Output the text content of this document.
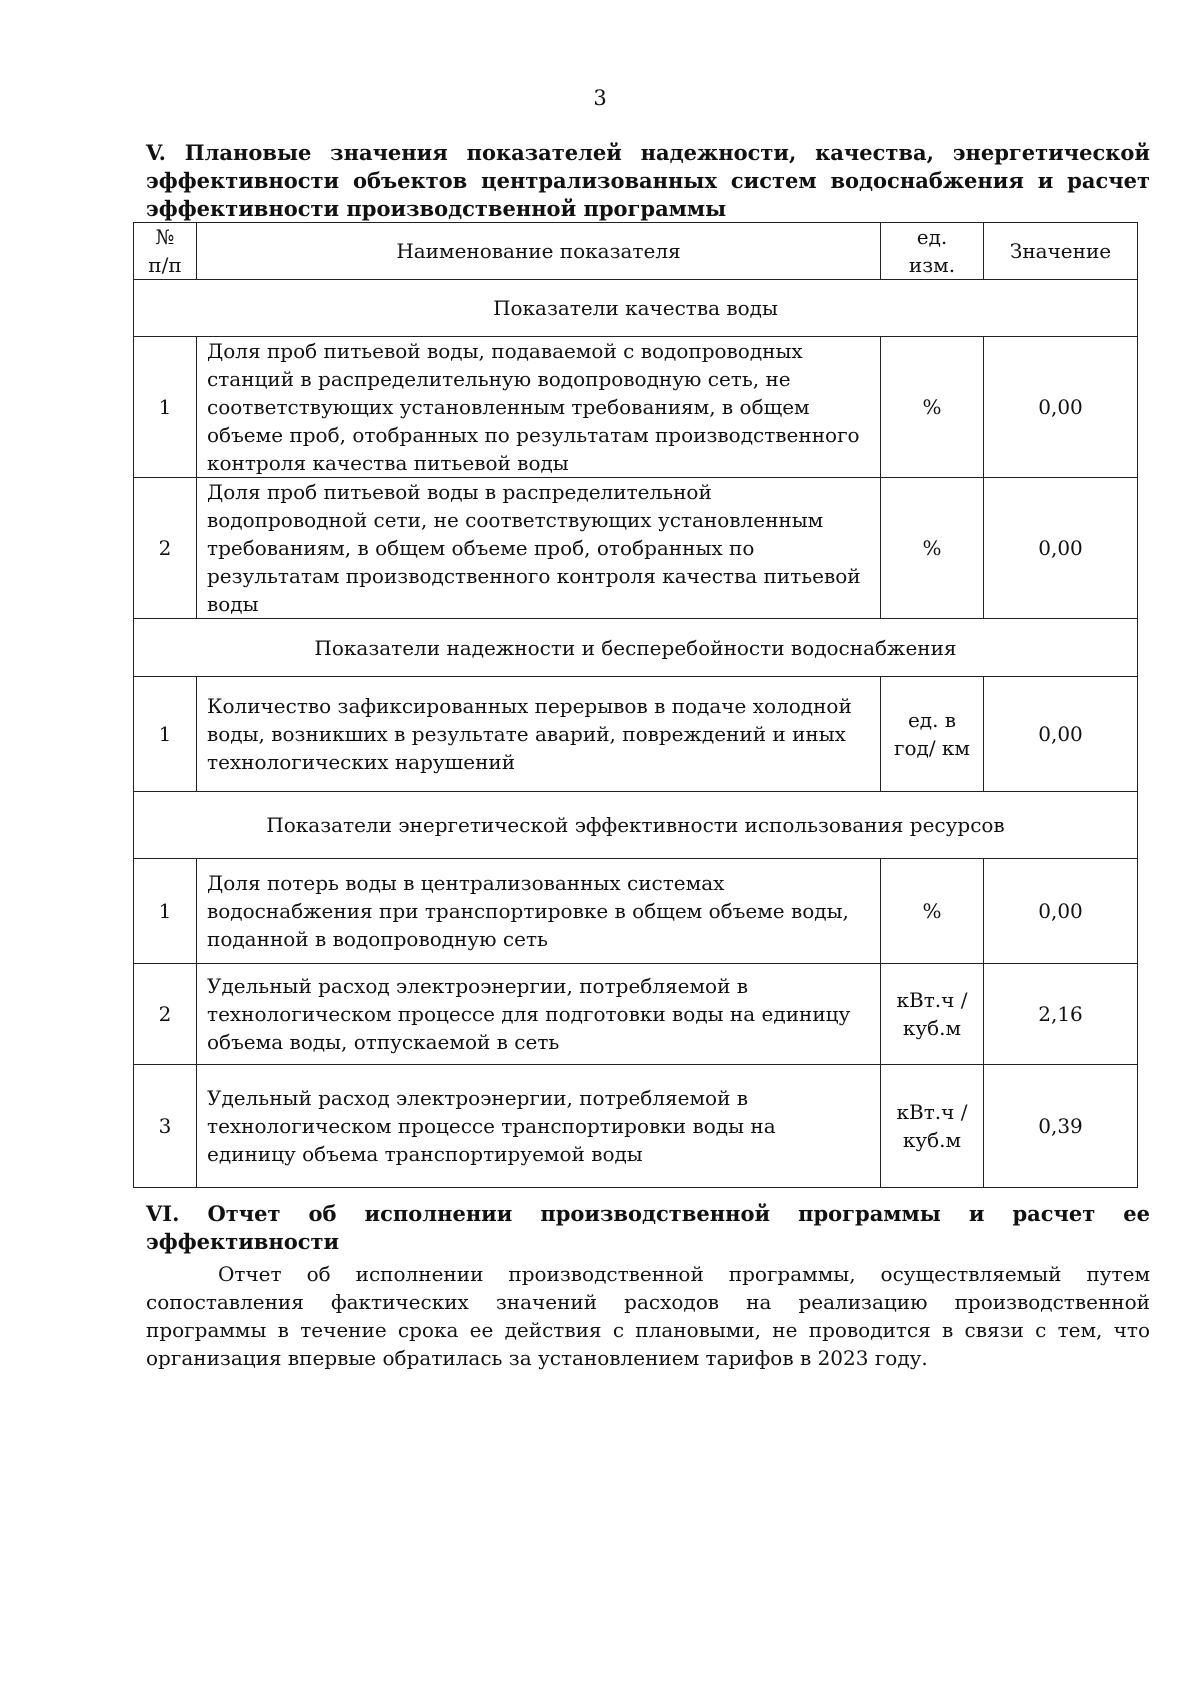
3
V. Плановые значения показателей надежности, качества, энергетической эффективности объектов централизованных систем водоснабжения и расчет эффективности производственной программы
№ п/п	Наименование показателя	ед. изм.	Значение
Показатели качества воды			
1	Доля проб питьевой воды, подаваемой с водопроводных станций в распределительную водопроводную сеть, не соответствующих установленным требованиям, в общем объеме проб, отобранных по результатам производственного контроля качества питьевой воды	%	0,00
2	Доля проб питьевой воды в распределительной водопроводной сети, не соответствующих установленным требованиям, в общем объеме проб, отобранных по результатам производственного контроля качества питьевой воды	%	0,00
Показатели надежности и бесперебойности водоснабжения			
1	Количество зафиксированных перерывов в подаче холодной воды, возникших в результате аварий, повреждений и иных технологических нарушений	ед. в год/ км	0,00
Показатели энергетической эффективности использования ресурсов			
1	Доля потерь воды в централизованных системах водоснабжения при транспортировке в общем объеме воды, поданной в водопроводную сеть	%	0,00
2	Удельный расход электроэнергии, потребляемой в технологическом процессе для подготовки воды на единицу объема воды, отпускаемой в сеть	кВт.ч / куб.м	2,16
3	Удельный расход электроэнергии, потребляемой в технологическом процессе транспортировки воды на единицу объема транспортируемой воды	кВт.ч / куб.м	0,39
VI. Отчет об исполнении производственной программы и расчет ее эффективности
Отчет об исполнении производственной программы, осуществляемый путем сопоставления фактических значений расходов на реализацию производственной программы в течение срока ее действия с плановыми, не проводится в связи с тем, что организация впервые обратилась за установлением тарифов в 2023 году.
